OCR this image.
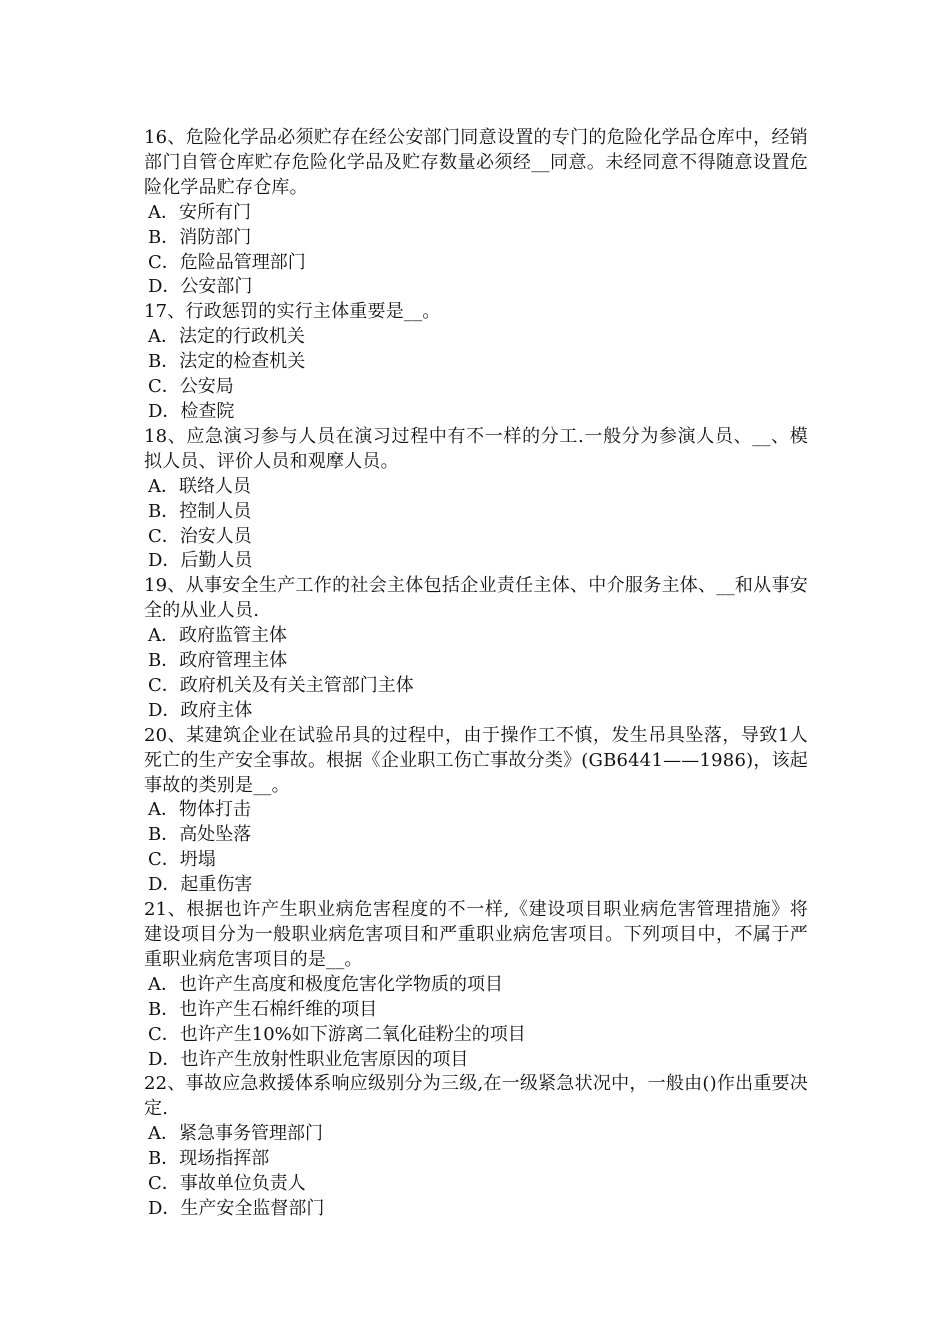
16、危险化学品必须贮存在经公安部门同意设置的专门的危险化学品仓库中，经销部门自管仓库贮存危险化学品及贮存数量必须经__同意。未经同意不得随意设置危险化学品贮存仓库。

A．安所有门

B．消防部门

C．危险品管理部门

D．公安部门

17、行政惩罚的实行主体重要是__。

A．法定的行政机关

B．法定的检查机关

C．公安局

D．检查院

18、应急演习参与人员在演习过程中有不一样的分工.一般分为参演人员、__、模拟人员、评价人员和观摩人员。

A．联络人员

B．控制人员

C．治安人员

D．后勤人员

19、从事安全生产工作的社会主体包括企业责任主体、中介服务主体、__和从事安全的从业人员.

A．政府监管主体

B．政府管理主体

C．政府机关及有关主管部门主体

D．政府主体

20、某建筑企业在试验吊具的过程中，由于操作工不慎，发生吊具坠落，导致1人死亡的生产安全事故。根据《企业职工伤亡事故分类》(GB6441——1986)，该起事故的类别是__。

A．物体打击

B．高处坠落

C．坍塌

D．起重伤害

21、根据也许产生职业病危害程度的不一样,《建设项目职业病危害管理措施》将建设项目分为一般职业病危害项目和严重职业病危害项目。下列项目中，不属于严重职业病危害项目的是__。

A．也许产生高度和极度危害化学物质的项目

B．也许产生石棉纤维的项目

C．也许产生10%如下游离二氧化硅粉尘的项目

D．也许产生放射性职业危害原因的项目

22、事故应急救援体系响应级别分为三级,在一级紧急状况中，一般由()作出重要决定.

A．紧急事务管理部门

B．现场指挥部

C．事故单位负责人

D．生产安全监督部门
